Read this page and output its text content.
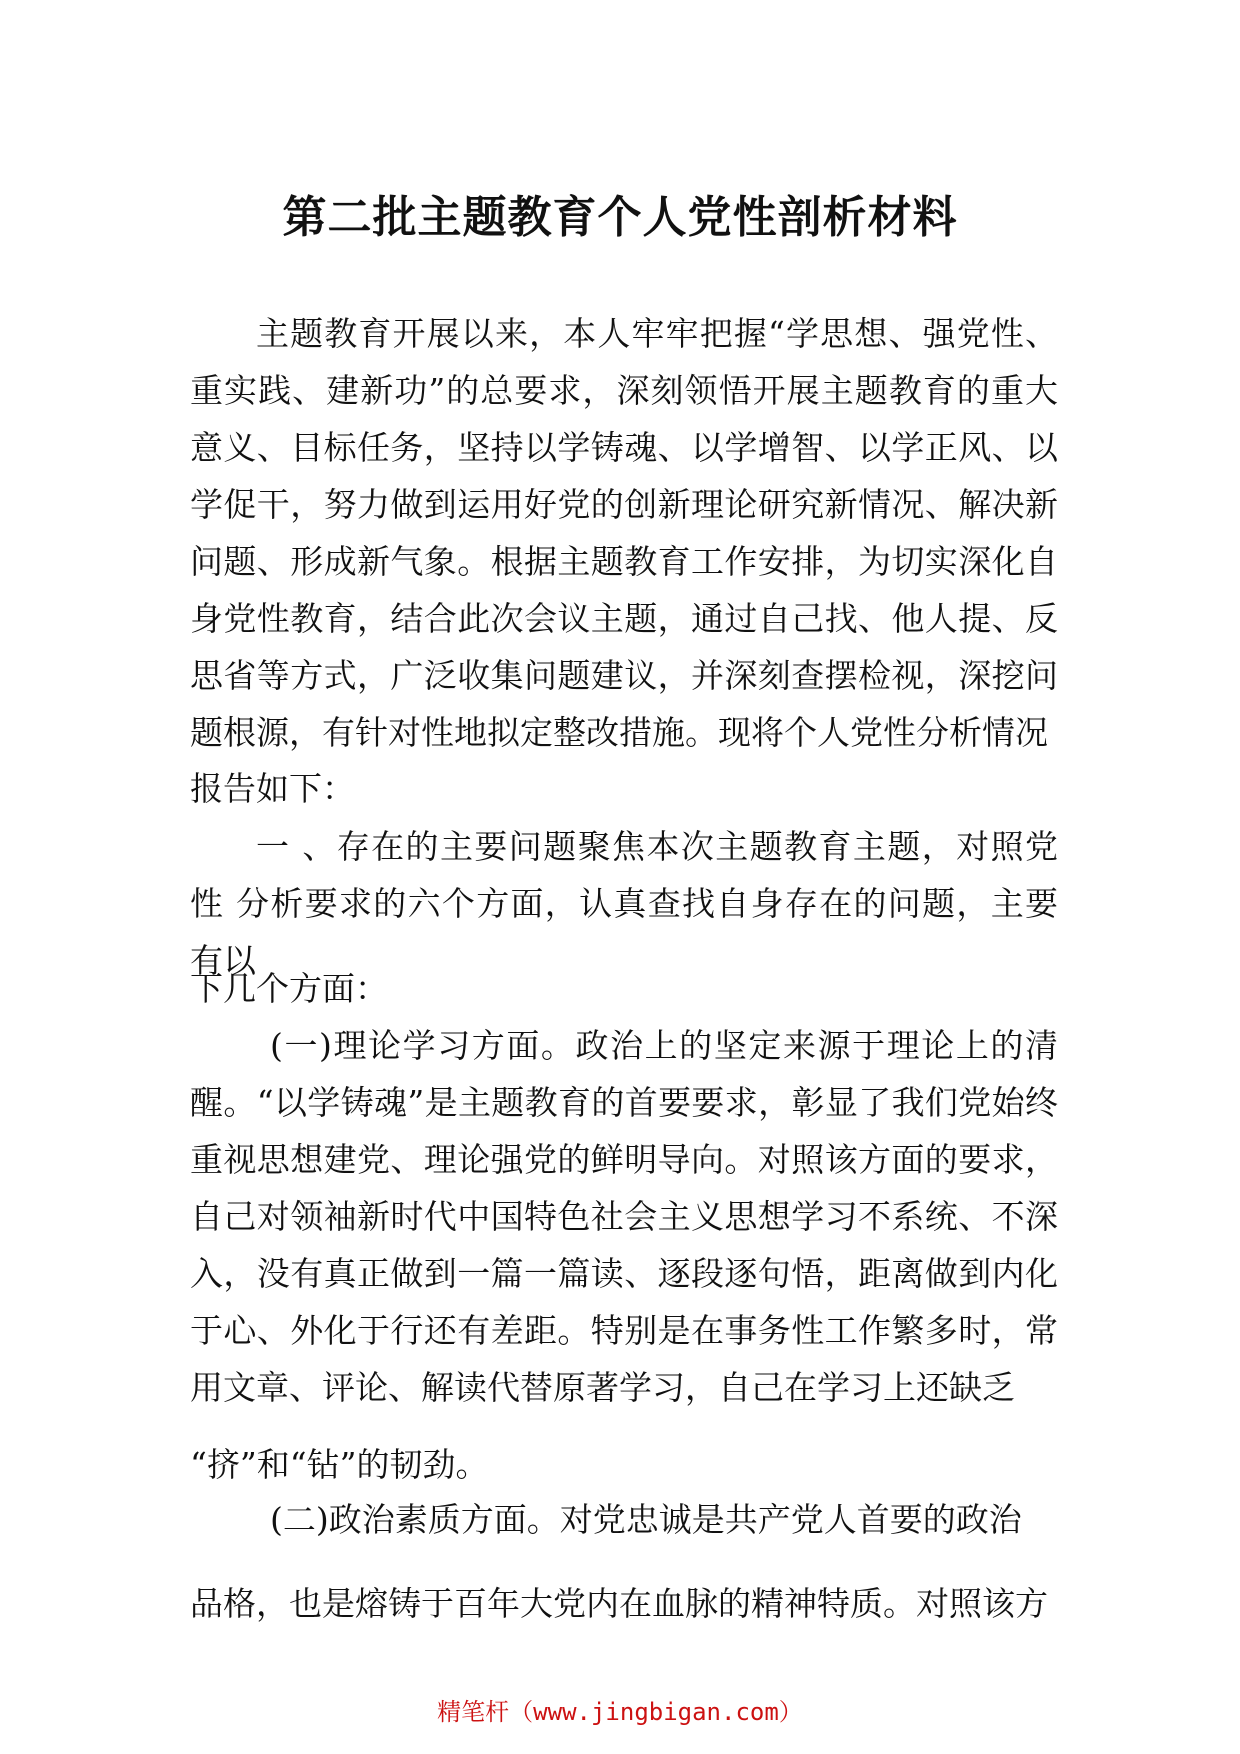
第二批主题教育个人党性剖析材料

主题教育开展以来，本人牢牢把握“学思想、强党性、重实践、建新功”的总要求，深刻领悟开展主题教育的重大意义、目标任务，坚持以学铸魂、以学增智、以学正风、以学促干，努力做到运用好党的创新理论研究新情况、解决新问题、形成新气象。根据主题教育工作安排，为切实深化自身党性教育，结合此次会议主题，通过自己找、他人提、反思省等方式，广泛收集问题建议，并深刻查摆检视，深挖问题根源，有针对性地拟定整改措施。现将个人党性分析情况

报告如下：

一 、存在的主要问题聚焦本次主题教育主题，对照党性 分析要求的六个方面，认真查找自身存在的问题，主要有以

下几个方面：

(一)理论学习方面。政治上的坚定来源于理论上的清醒。“以学铸魂”是主题教育的首要要求，彰显了我们党始终重视思想建党、理论强党的鲜明导向。对照该方面的要求，自己对领袖新时代中国特色社会主义思想学习不系统、不深入，没有真正做到一篇一篇读、逐段逐句悟，距离做到内化于心、外化于行还有差距。特别是在事务性工作繁多时，常用文章、评论、解读代替原著学习，自己在学习上还缺乏

“挤”和“钻”的韧劲。

(二)政治素质方面。对党忠诚是共产党人首要的政治

品格，也是熔铸于百年大党内在血脉的精神特质。对照该方

精笔杆（www.jingbigan.com）
